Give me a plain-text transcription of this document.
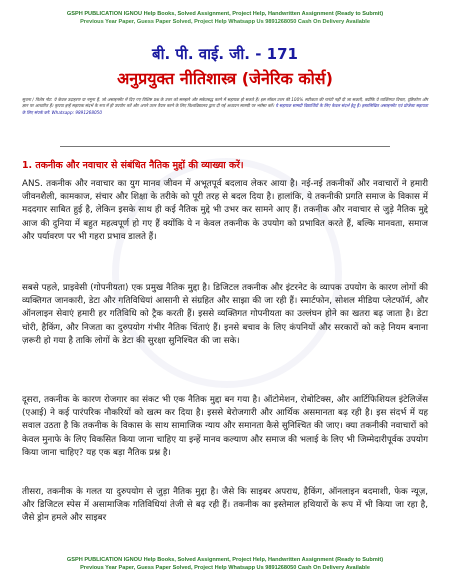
GSPH PUBLICATION IGNOU Help Books, Solved Assignment, Project Help, Handwritten Assignment (Ready to Submit)
Previous Year Paper, Guess Paper Solved, Project Help Whatsapp Us 9891268050 Cash On Delivery Available
बी. पी. वाई. जी. - 171
अनुप्रयुक्त नीतिशास्त्र (जेनेरिक कोर्स)
सूचना / विशेष नोट: ये केवल उदाहरण या नमूना हैं, जो असाइनमेंट में दिए गए विशिष्ट प्रश्न के उत्तर को समझने और सकेतबद्ध करने में सहायक हो सकते हैं। इस मॉडल उत्तर की 100% सटीकता की गारंटी नहीं दी जा सकती, क्योंकि ये व्यक्तिगत विचार, दृष्टिकोण और ज्ञान पर आधारित हैं। कृपया इन्हें सहायक संदर्भ के रूप में ही उपयोग करें और अपने उत्तर तैयार करने के लिए विश्वविद्यालय द्वारा दी गई अध्ययन सामग्री पर भरोसा करें। ये सहायक सामग्री विद्यार्थियों के लिए केवल संदर्भ हेतु हैं। हस्तलिखित असाइनमेंट एवं प्रोजेक्ट सहायता के लिए संपर्क करें: Whatsapp: 9891268050
1. तकनीक और नवाचार से संबंधित नैतिक मुद्दों की व्याख्या करें।

ANS. तकनीक और नवाचार का युग मानव जीवन में अभूतपूर्व बदलाव लेकर आया है। नई-नई तकनीकों और नवाचारों ने हमारी जीवनशैली, कामकाज, संचार और शिक्षा के तरीके को पूरी तरह से बदल दिया है। हालांकि, ये तकनीकी प्रगति समाज के विकास में मददगार साबित हुई है, लेकिन इसके साथ ही कई नैतिक मुद्दे भी उभर कर सामने आए हैं। तकनीक और नवाचार से जुड़े नैतिक मुद्दे आज की दुनिया में बहुत महत्वपूर्ण हो गए हैं क्योंकि ये न केवल तकनीक के उपयोग को प्रभावित करते हैं, बल्कि मानवता, समाज और पर्यावरण पर भी गहरा प्रभाव डालते हैं।

सबसे पहले, प्राइवेसी (गोपनीयता) एक प्रमुख नैतिक मुद्दा है। डिजिटल तकनीक और इंटरनेट के व्यापक उपयोग के कारण लोगों की व्यक्तिगत जानकारी, डेटा और गतिविधियां आसानी से संग्रहित और साझा की जा रही हैं। स्मार्टफोन, सोशल मीडिया प्लेटफॉर्म, और ऑनलाइन सेवाएं हमारी हर गतिविधि को ट्रैक करती हैं। इससे व्यक्तिगत गोपनीयता का उल्लंघन होने का खतरा बढ़ जाता है। डेटा चोरी, हैकिंग, और निजता का दुरुपयोग गंभीर नैतिक चिंताएं हैं। इनसे बचाव के लिए कंपनियों और सरकारों को कड़े नियम बनाना ज़रूरी हो गया है ताकि लोगों के डेटा की सुरक्षा सुनिश्चित की जा सके।

दूसरा, तकनीक के कारण रोजगार का संकट भी एक नैतिक मुद्दा बन गया है। ऑटोमेशन, रोबोटिक्स, और आर्टिफिशियल इंटेलिजेंस (एआई) ने कई पारंपरिक नौकरियों को खत्म कर दिया है। इससे बेरोजगारी और आर्थिक असमानता बढ़ रही है। इस संदर्भ में यह सवाल उठता है कि तकनीक के विकास के साथ सामाजिक न्याय और समानता कैसे सुनिश्चित की जाए। क्या तकनीकी नवाचारों को केवल मुनाफे के लिए विकसित किया जाना चाहिए या इन्हें मानव कल्याण और समाज की भलाई के लिए भी जिम्मेदारीपूर्वक उपयोग किया जाना चाहिए? यह एक बड़ा नैतिक प्रश्न है।

तीसरा, तकनीक के गलत या दुरुपयोग से जुड़ा नैतिक मुद्दा है। जैसे कि साइबर अपराध, हैकिंग, ऑनलाइन बदमाशी, फेक न्यूज़, और डिजिटल स्पेस में असामाजिक गतिविधियां तेजी से बढ़ रही हैं। तकनीक का इस्तेमाल हथियारों के रूप में भी किया जा रहा है, जैसे ड्रोन हमले और साइबर

GSPH PUBLICATION IGNOU Help Books, Solved Assignment, Project Help, Handwritten Assignment (Ready to Submit)
Previous Year Paper, Guess Paper Solved, Project Help Whatsapp Us 9891268050 Cash On Delivery Available
